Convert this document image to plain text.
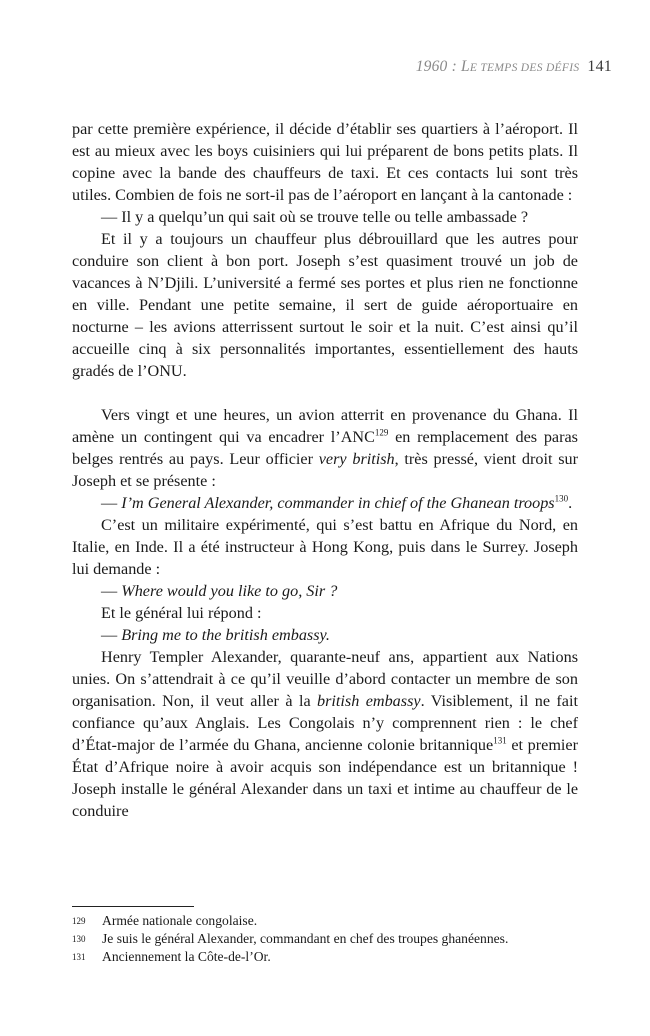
1960 : LE TEMPS DES DÉFIS 141

par cette première expérience, il décide d’établir ses quartiers à l’aéroport. Il est au mieux avec les boys cuisiniers qui lui préparent de bons petits plats. Il copine avec la bande des chauffeurs de taxi. Et ces contacts lui sont très utiles. Combien de fois ne sort-il pas de l’aéroport en lançant à la cantonade :

— Il y a quelqu’un qui sait où se trouve telle ou telle ambassade ?

Et il y a toujours un chauffeur plus débrouillard que les autres pour conduire son client à bon port. Joseph s’est quasiment trouvé un job de vacances à N’Djili. L’université a fermé ses portes et plus rien ne fonctionne en ville. Pendant une petite semaine, il sert de guide aéroportuaire en nocturne – les avions atterrissent surtout le soir et la nuit. C’est ainsi qu’il accueille cinq à six personnalités importantes, essentiellement des hauts gradés de l’ONU.

Vers vingt et une heures, un avion atterrit en provenance du Ghana. Il amène un contingent qui va encadrer l’ANC$^{129}$ en remplacement des paras belges rentrés au pays. Leur officier very british, très pressé, vient droit sur Joseph et se présente :

— I’m General Alexander, commander in chief of the Ghanean troops$^{130}$.

C’est un militaire expérimenté, qui s’est battu en Afrique du Nord, en Italie, en Inde. Il a été instructeur à Hong Kong, puis dans le Surrey. Joseph lui demande :

— Where would you like to go, Sir ?

Et le général lui répond :

— Bring me to the british embassy.

Henry Templer Alexander, quarante-neuf ans, appartient aux Nations unies. On s’attendrait à ce qu’il veuille d’abord contacter un membre de son organisation. Non, il veut aller à la british embassy. Visiblement, il ne fait confiance qu’aux Anglais. Les Congolais n’y comprennent rien : le chef d’État-major de l’armée du Ghana, ancienne colonie britannique$^{131}$ et premier État d’Afrique noire à avoir acquis son indépendance est un britannique ! Joseph installe le général Alexander dans un taxi et intime au chauffeur de le conduire

129	Armée nationale congolaise.
130	Je suis le général Alexander, commandant en chef des troupes ghanéennes.
131	Anciennement la Côte-de-l’Or.
